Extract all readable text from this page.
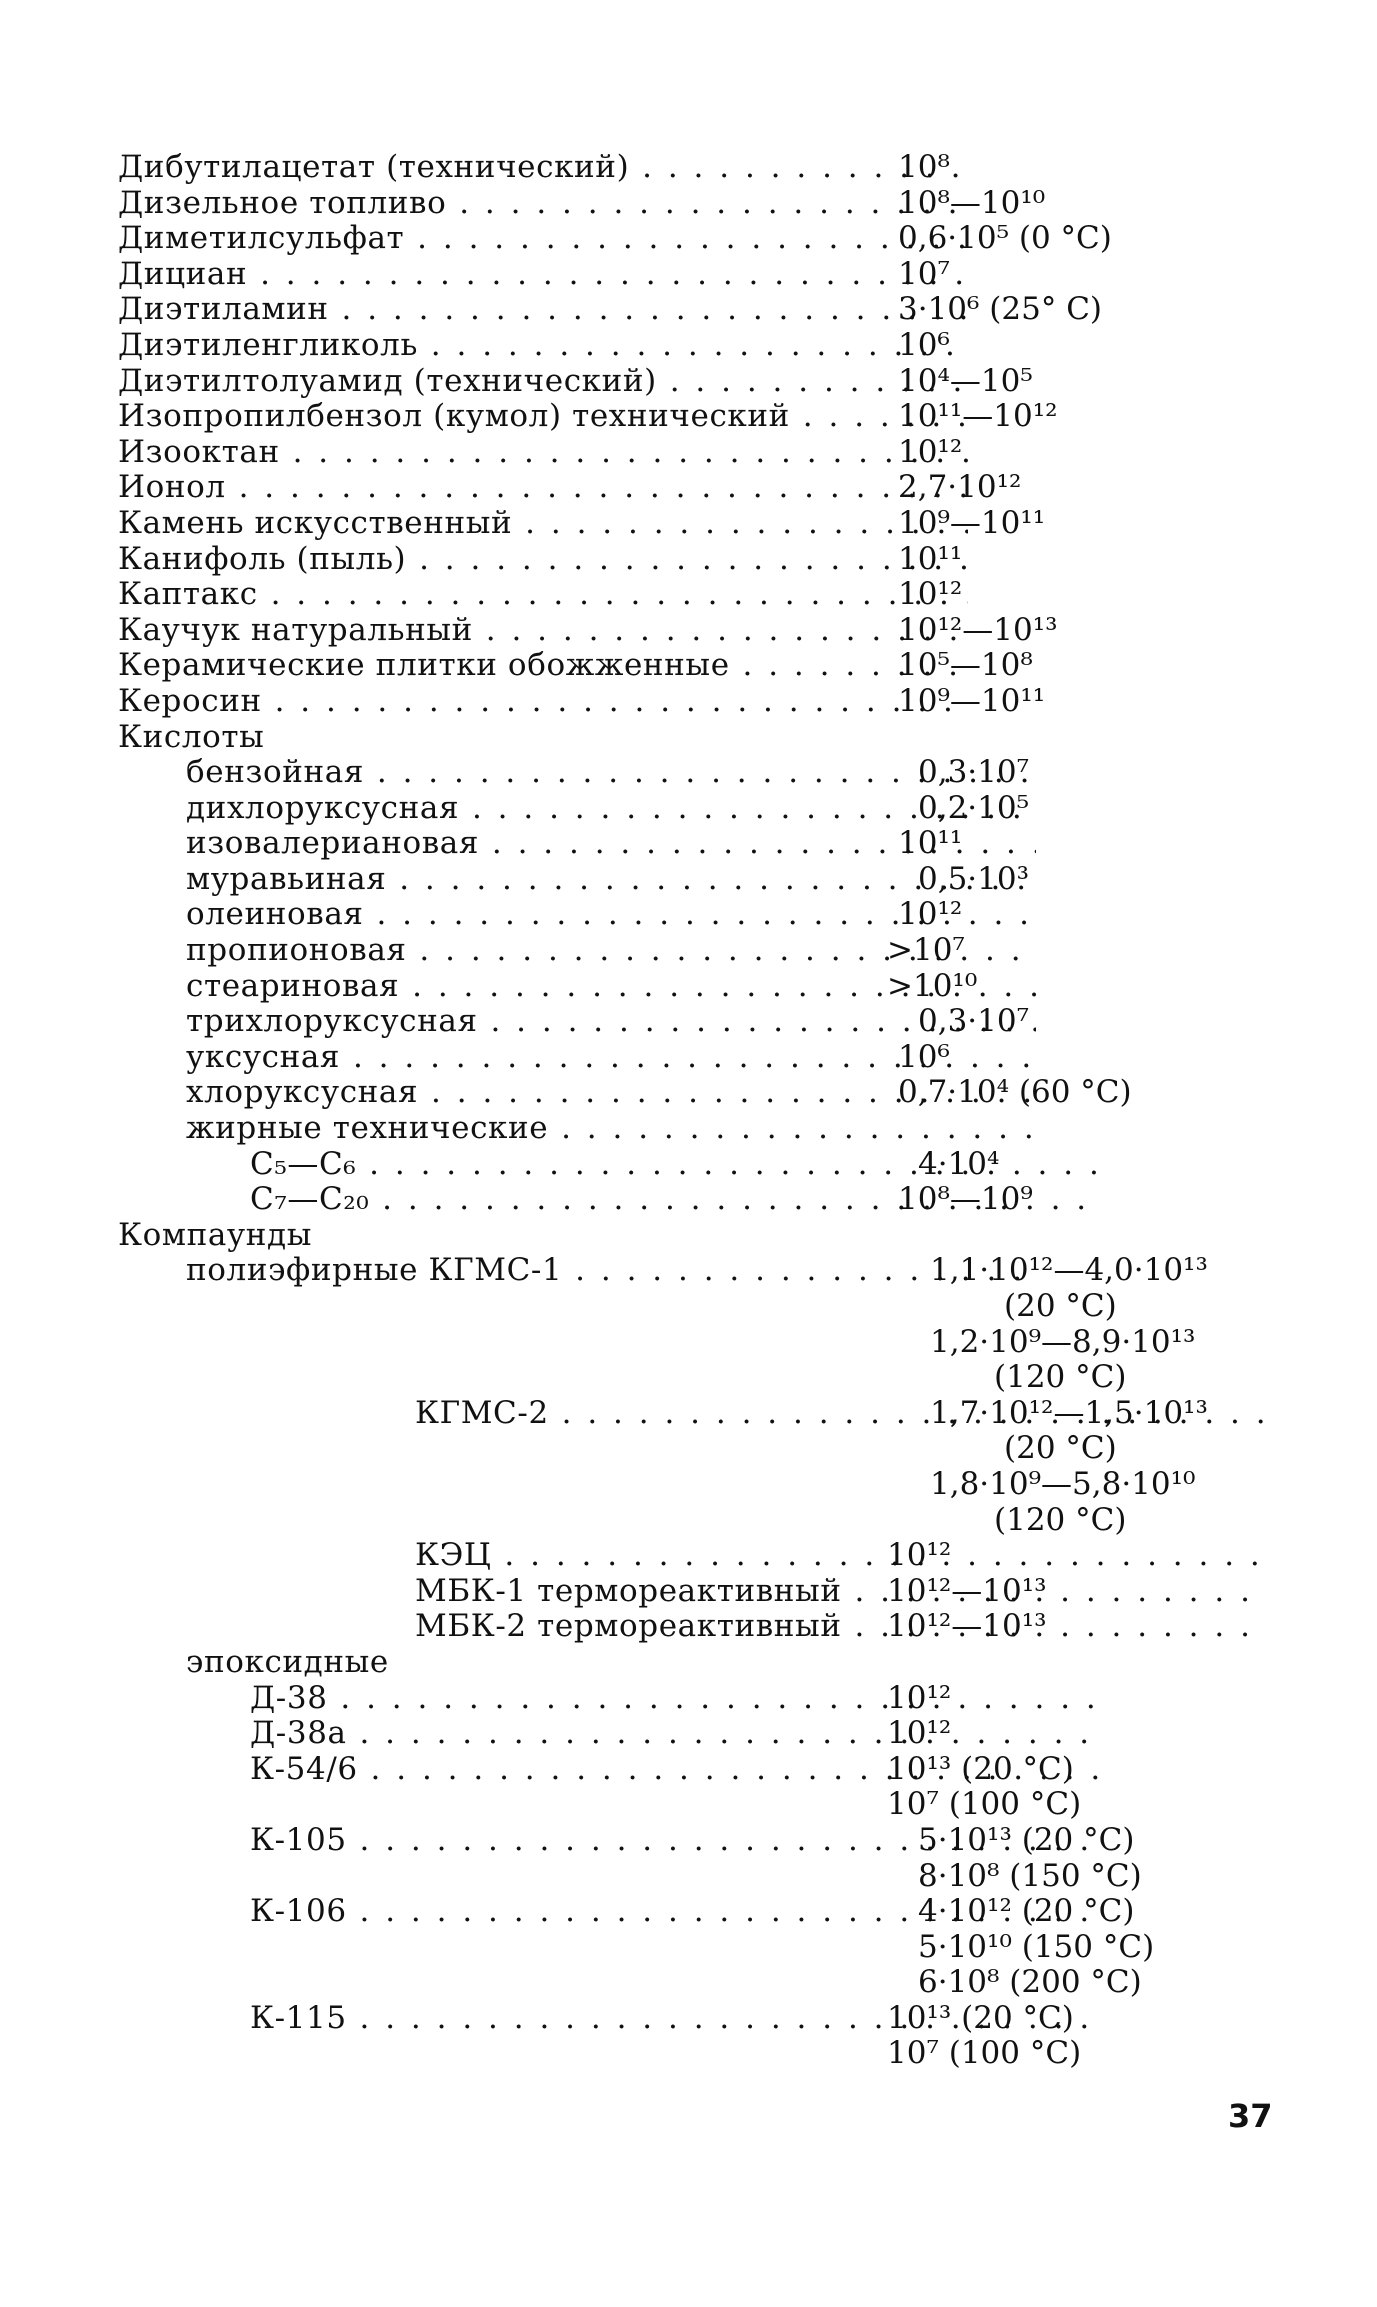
Дибутилацетат (технический) . .	10⁸
Дизельное топливо . .	10⁸—10¹⁰
Диметилсульфат . .	0,6·10⁵ (0 °С)
Дициан . .	10⁷
Диэтиламин . .	3·10⁶ (25° С)
Диэтиленгликоль . .	10⁶
Диэтилтолуамид (технический) . .	10⁴—10⁵
Изопропилбензол (кумол) технический . .	10¹¹—10¹²
Изооктан . .	10¹²
Ионол . .	2,7·10¹²
Камень искусственный . .	10⁹—10¹¹
Канифоль (пыль) . .	10¹¹
Каптакс . .	10¹²
Каучук натуральный . .	10¹²—10¹³
Керамические плитки обожженные . .	10⁵—10⁸
Керосин . .	10⁹—10¹¹
Кислоты
бензойная . .	0,3·10⁷
дихлоруксусная . .	0,2·10⁵
изовалериановая . .	10¹¹
муравьиная . .	0,5·10³
олеиновая . .	10¹²
пропионовая . .	>10⁷
стеариновая . .	>10¹⁰
трихлоруксусная . .	0,3·10⁷
уксусная . .	10⁶
хлоруксусная . .	0,7·10⁴ (60 °С)
жирные технические . .
C₅—C₆ . .	4·10⁴
C₇—C₂₀ . .	10⁸—10⁹
Компаунды
полиэфирные КГМС-1 . .	1,1·10¹²—4,0·10¹³
(20 °С)
1,2·10⁹—8,9·10¹³
(120 °С)
КГМС-2 . .	1,7·10¹²—1,5·10¹³
(20 °С)
1,8·10⁹—5,8·10¹⁰
(120 °С)
КЭЦ . .	10¹²
МБК-1 термореактивный . .	10¹²—10¹³
МБК-2 термореактивный . .	10¹²—10¹³
эпоксидные
Д-38 . .	10¹²
Д-38а . .	10¹²
К-54/6 . .	10¹³ (20 °С)
10⁷ (100 °С)
К-105 . .	5·10¹³ (20 °С)
8·10⁸ (150 °С)
К-106 . .	4·10¹² (20 °С)
5·10¹⁰ (150 °С)
6·10⁸ (200 °С)
К-115 . .	10¹³ (20 °С)
10⁷ (100 °С)
37
